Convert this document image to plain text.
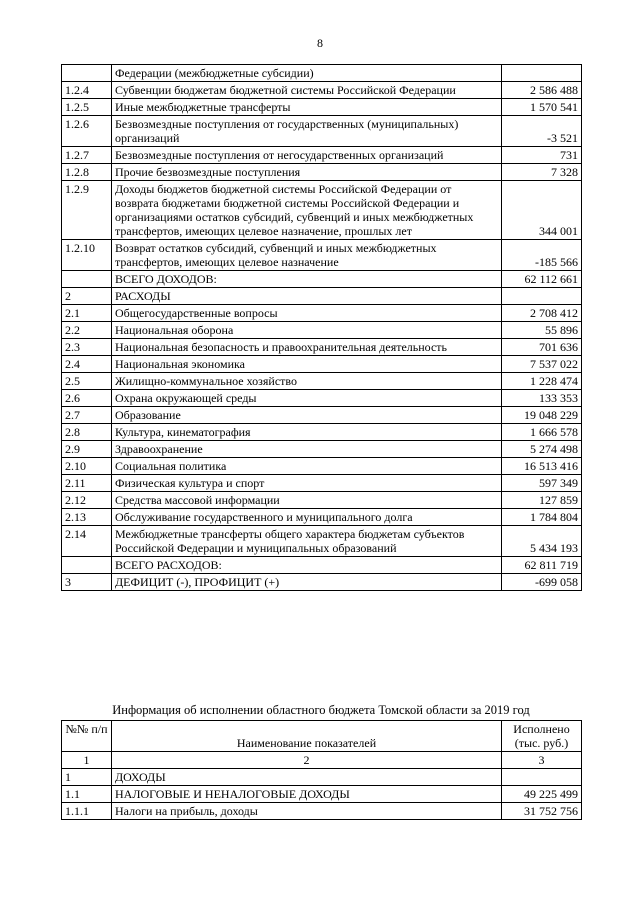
8
	Федерации (межбюджетные субсидии)	
1.2.4	Субвенции бюджетам бюджетной системы Российской Федерации	2 586 488
1.2.5	Иные межбюджетные трансферты	1 570 541
1.2.6	Безвозмездные поступления от государственных (муниципальных) организаций	-3 521
1.2.7	Безвозмездные поступления от негосударственных организаций	731
1.2.8	Прочие безвозмездные поступления	7 328
1.2.9	Доходы бюджетов бюджетной системы Российской Федерации от возврата бюджетами бюджетной системы Российской Федерации и организациями остатков субсидий, субвенций и иных межбюджетных трансфертов, имеющих целевое назначение, прошлых лет	344 001
1.2.10	Возврат остатков субсидий, субвенций и иных межбюджетных трансфертов, имеющих целевое назначение	-185 566
	ВСЕГО ДОХОДОВ:	62 112 661
2	РАСХОДЫ	
2.1	Общегосударственные вопросы	2 708 412
2.2	Национальная оборона	55 896
2.3	Национальная безопасность и правоохранительная деятельность	701 636
2.4	Национальная экономика	7 537 022
2.5	Жилищно-коммунальное хозяйство	1 228 474
2.6	Охрана окружающей среды	133 353
2.7	Образование	19 048 229
2.8	Культура, кинематография	1 666 578
2.9	Здравоохранение	5 274 498
2.10	Социальная политика	16 513 416
2.11	Физическая культура и спорт	597 349
2.12	Средства массовой информации	127 859
2.13	Обслуживание государственного и муниципального долга	1 784 804
2.14	Межбюджетные трансферты общего характера бюджетам субъектов Российской Федерации и муниципальных образований	5 434 193
	ВСЕГО РАСХОДОВ:	62 811 719
3	ДЕФИЦИТ (-), ПРОФИЦИТ (+)	-699 058
Информация об исполнении областного бюджета Томской области за 2019 год
№№ п/п	Наименование показателей	Исполнено (тыс. руб.)
1	2	3
1	ДОХОДЫ	
1.1	НАЛОГОВЫЕ И НЕНАЛОГОВЫЕ ДОХОДЫ	49 225 499
1.1.1	Налоги на прибыль, доходы	31 752 756
